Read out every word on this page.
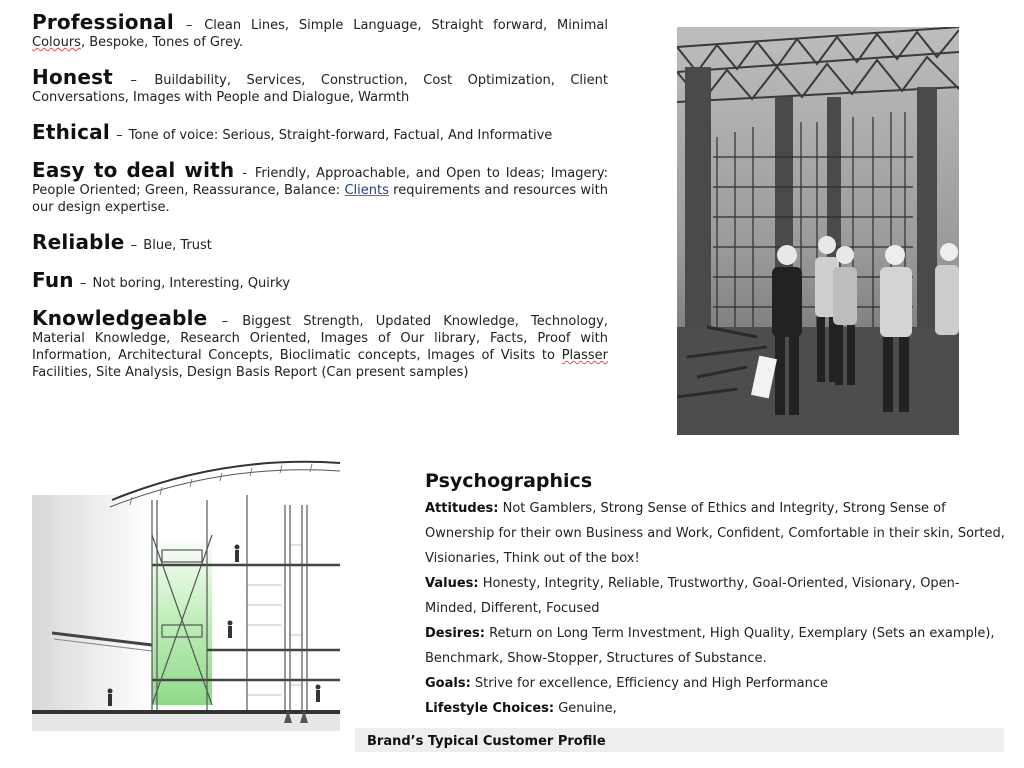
Professional – Clean Lines, Simple Language, Straight forward, Minimal Colours, Bespoke, Tones of Grey.

Honest – Buildability, Services, Construction, Cost Optimization, Client Conversations, Images with People and Dialogue, Warmth

Ethical – Tone of voice: Serious, Straight-forward, Factual, And Informative

Easy to deal with - Friendly, Approachable, and Open to Ideas; Imagery: People Oriented; Green, Reassurance, Balance: Clients requirements and resources with our design expertise.

Reliable – Blue, Trust

Fun – Not boring, Interesting, Quirky

Knowledgeable – Biggest Strength, Updated Knowledge, Technology, Material Knowledge, Research Oriented, Images of Our library, Facts, Proof with Information, Architectural Concepts, Bioclimatic concepts, Images of Visits to Plasser Facilities, Site Analysis, Design Basis Report (Can present samples)

Psychographics

Attitudes: Not Gamblers, Strong Sense of Ethics and Integrity, Strong Sense of Ownership for their own Business and Work, Confident, Comfortable in their skin, Sorted, Visionaries, Think out of the box!

Values: Honesty, Integrity, Reliable, Trustworthy, Goal-Oriented, Visionary, Open-Minded, Different, Focused

Desires: Return on Long Term Investment, High Quality, Exemplary (Sets an example), Benchmark, Show-Stopper, Structures of Substance.

Goals: Strive for excellence, Efficiency and High Performance

Lifestyle Choices: Genuine,

Brand’s Typical Customer Profile
